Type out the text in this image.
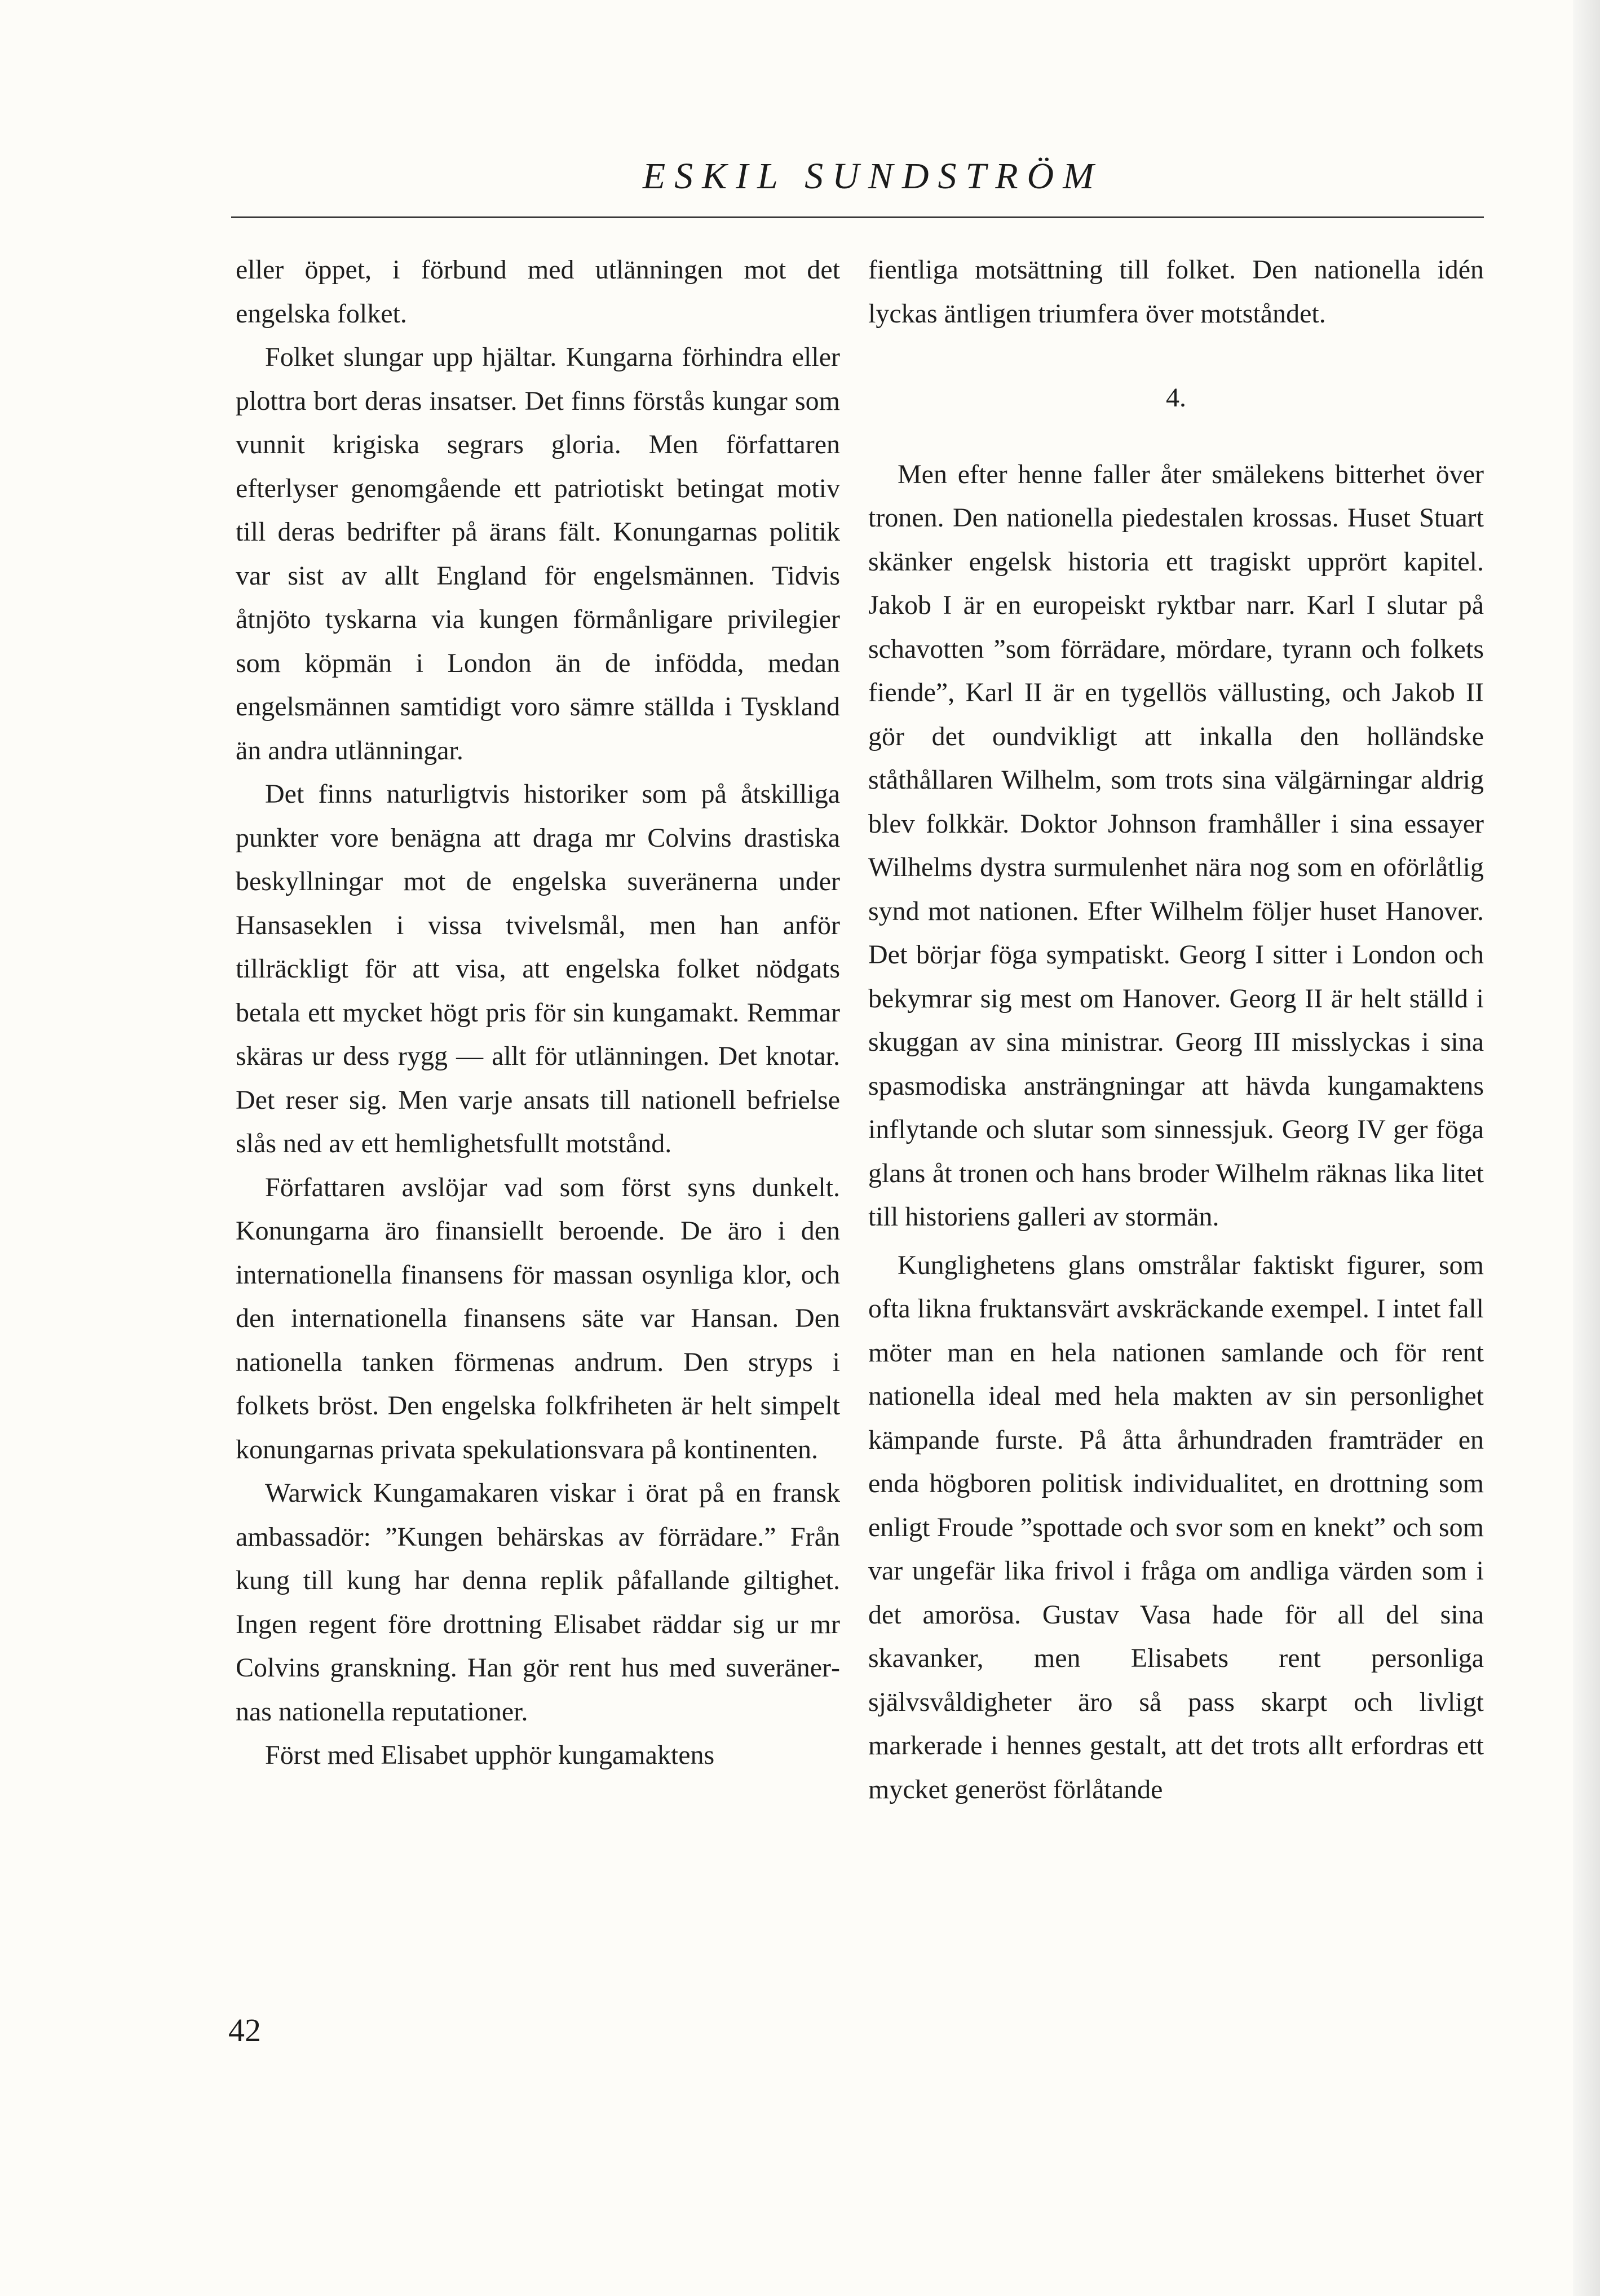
ESKIL SUNDSTRÖM

eller öppet, i förbund med utlänningen mot det engelska folket.

Folket slungar upp hjältar. Kungarna förhindra eller plottra bort deras insatser. Det finns förstås kungar som vunnit krigiska segrars gloria. Men författaren efterlyser genomgående ett patriotiskt betingat motiv till deras bedrifter på ärans fält. Konungarnas politik var sist av allt England för engelsmännen. Tidvis åtnjöto tyskarna via kungen förmånligare privilegier som köpmän i London än de infödda, medan engelsmännen samtidigt voro sämre ställda i Tyskland än andra utlänningar.

Det finns naturligtvis historiker som på åtskilliga punkter vore benägna att draga mr Colvins drastiska beskyllningar mot de engelska suveränerna under Hansaseklen i vissa tvivelsmål, men han anför tillräckligt för att visa, att engelska folket nödgats betala ett mycket högt pris för sin kungamakt. Remmar skäras ur dess rygg — allt för utlänningen. Det knotar. Det reser sig. Men varje ansats till nationell befrielse slås ned av ett hemlighetsfullt motstånd.

Författaren avslöjar vad som först syns dunkelt. Konungarna äro finansiellt beroende. De äro i den internationella finansens för massan osynliga klor, och den internationella finansens säte var Hansan. Den nationella tanken förmenas andrum. Den stryps i folkets bröst. Den engelska folkfriheten är helt simpelt konungarnas privata spekulationsvara på kontinenten.

Warwick Kungamakaren viskar i örat på en fransk ambassadör: ”Kungen behärskas av förrädare.” Från kung till kung har denna replik påfallande giltighet. Ingen regent före drottning Elisabet räddar sig ur mr Colvins granskning. Han gör rent hus med suveränernas nationella reputationer.

Först med Elisabet upphör kungamaktens

fientliga motsättning till folket. Den nationella idén lyckas äntligen triumfera över motståndet.

4.

Men efter henne faller åter smälekens bitterhet över tronen. Den nationella piedestalen krossas. Huset Stuart skänker engelsk historia ett tragiskt upprört kapitel. Jakob I är en europeiskt ryktbar narr. Karl I slutar på schavotten ”som förrädare, mördare, tyrann och folkets fiende”, Karl II är en tygellös vällusting, och Jakob II gör det oundvikligt att inkalla den holländske ståthållaren Wilhelm, som trots sina välgärningar aldrig blev folkkär. Doktor Johnson framhåller i sina essayer Wilhelms dystra surmulenhet nära nog som en oförlåtlig synd mot nationen. Efter Wilhelm följer huset Hanover. Det börjar föga sympatiskt. Georg I sitter i London och bekymrar sig mest om Hanover. Georg II är helt ställd i skuggan av sina ministrar. Georg III misslyckas i sina spasmodiska ansträngningar att hävda kungamaktens inflytande och slutar som sinnessjuk. Georg IV ger föga glans åt tronen och hans broder Wilhelm räknas lika litet till historiens galleri av stormän.

Kunglighetens glans omstrålar faktiskt figurer, som ofta likna fruktansvärt avskräckande exempel. I intet fall möter man en hela nationen samlande och för rent nationella ideal med hela makten av sin personlighet kämpande furste. På åtta århundraden framträder en enda högboren politisk individualitet, en drottning som enligt Froude ”spottade och svor som en knekt” och som var ungefär lika frivol i fråga om andliga värden som i det amorösa. Gustav Vasa hade för all del sina skavanker, men Elisabets rent personliga självsvåldigheter äro så pass skarpt och livligt markerade i hennes gestalt, att det trots allt erfordras ett mycket generöst förlåtande

42
